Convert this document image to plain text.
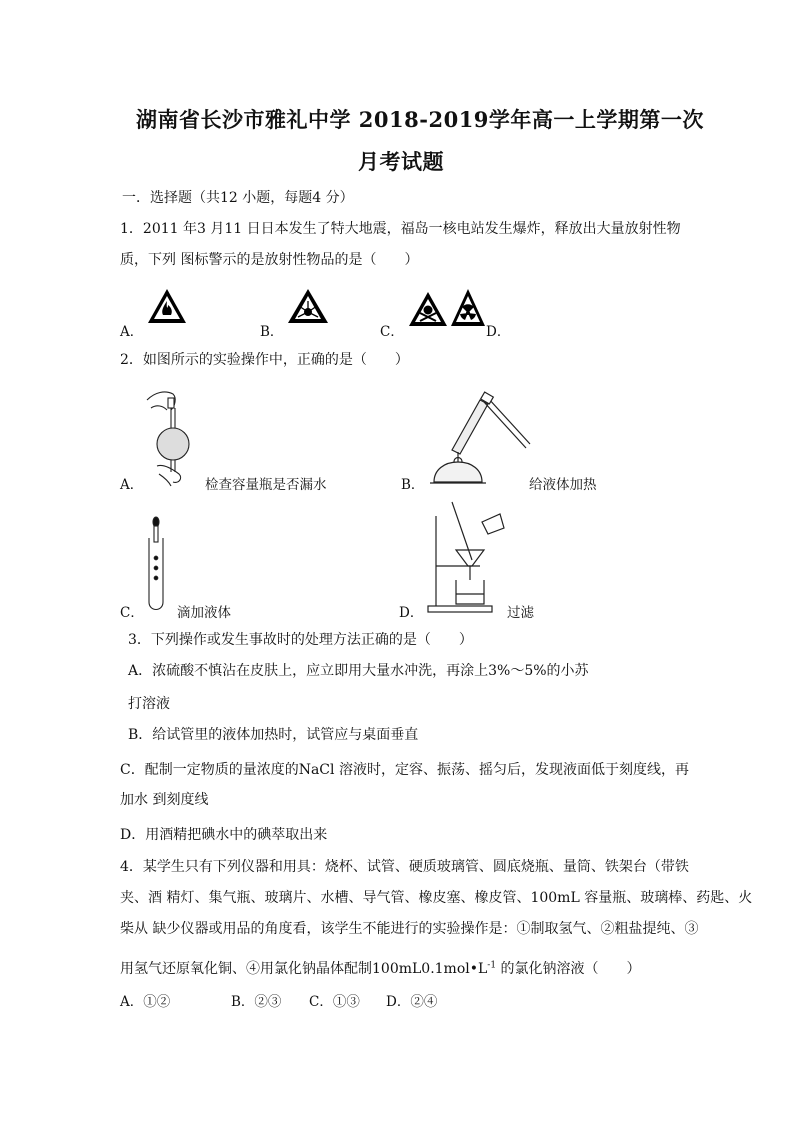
湖南省长沙市雅礼中学 2018-2019学年高一上学期第一次
月考试题
一．选择题（共12 小题，每题4 分）
1．2011 年3 月11 日日本发生了特大地震，福岛一核电站发生爆炸，释放出大量放射性物
质，下列 图标警示的是放射性物品的是（　　）
A．	B．	C．	D．
2．如图所示的实验操作中，正确的是（　　）
A．	检查容量瓶是否漏水	B．	给液体加热
C． 滴加液体	D．	过滤
3．下列操作或发生事故时的处理方法正确的是（　　）
A．浓硫酸不慎沾在皮肤上，应立即用大量水冲洗，再涂上3%～5%的小苏
打溶液
B．给试管里的液体加热时，试管应与桌面垂直
C．配制一定物质的量浓度的NaCl 溶液时，定容、振荡、摇匀后，发现液面低于刻度线，再
加水 到刻度线
D．用酒精把碘水中的碘萃取出来
4．某学生只有下列仪器和用具：烧杯、试管、硬质玻璃管、圆底烧瓶、量筒、铁架台（带铁
夹、酒 精灯、集气瓶、玻璃片、水槽、导气管、橡皮塞、橡皮管、100mL 容量瓶、玻璃棒、药匙、火
柴从 缺少仪器或用品的角度看，该学生不能进行的实验操作是：①制取氢气、②粗盐提纯、③
用氢气还原氧化铜、④用氯化钠晶体配制$100mL0.1mol•L^{-1}$ 的氯化钠溶液（　　）
A．①②	B．②③ C．①③ D．②④
